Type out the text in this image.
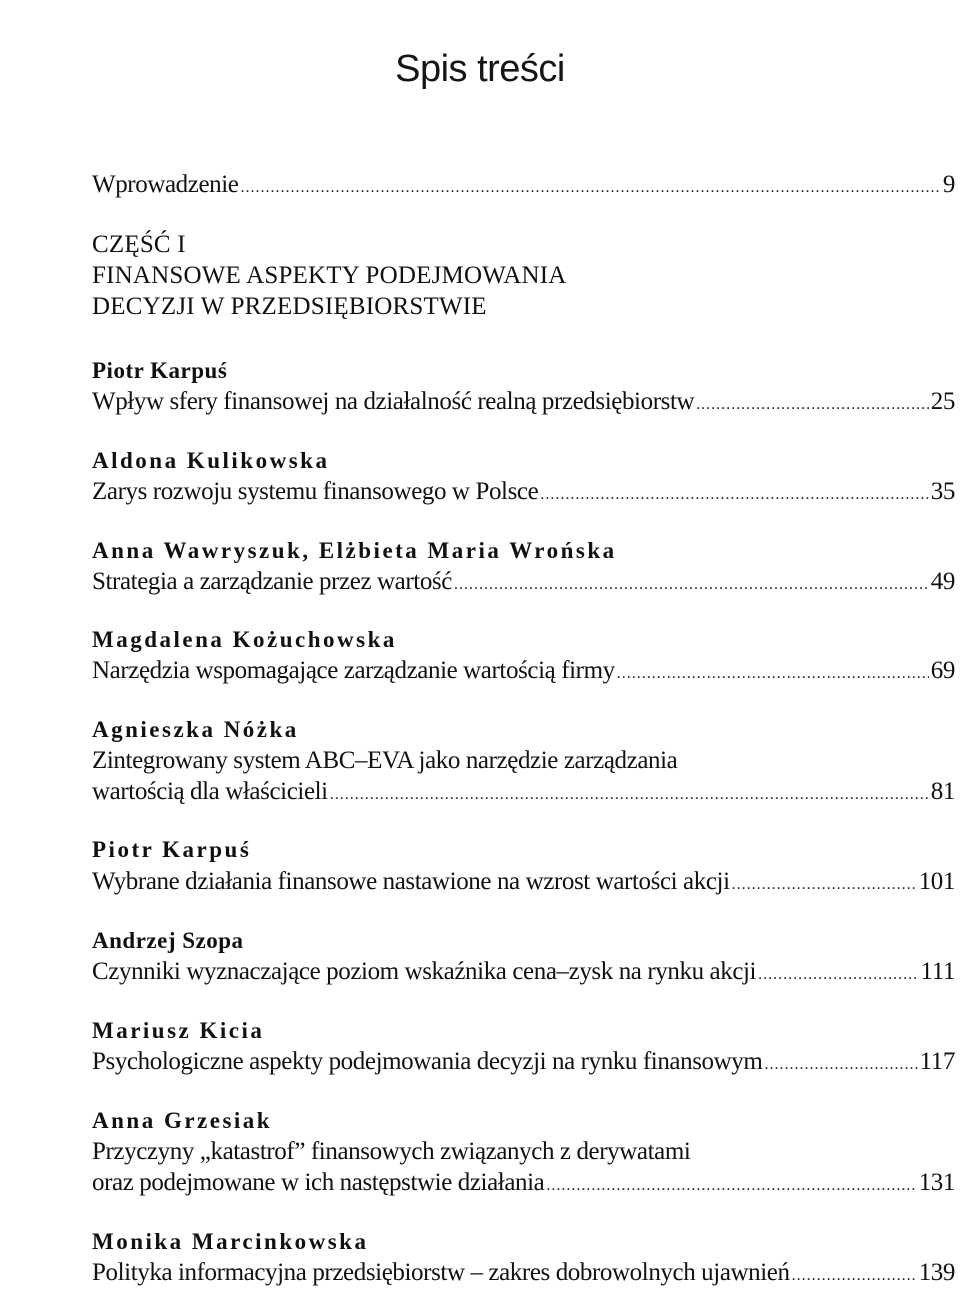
Spis treści
Wprowadzenie .....	9
CZĘŚĆ I
FINANSOWE ASPEKTY PODEJMOWANIA
DECYZJI W PRZEDSIĘBIORSTWIE
Piotr Karpuś
Wpływ sfery finansowej na działalność realną przedsiębiorstw .....	25
Aldona Kulikowska
Zarys rozwoju systemu finansowego w Polsce .....	35
Anna Wawryszuk, Elżbieta Maria Wrońska
Strategia a zarządzanie przez wartość .....	49
Magdalena Kożuchowska
Narzędzia wspomagające zarządzanie wartością firmy .....	69
Agnieszka Nóżka
Zintegrowany system ABC–EVA jako narzędzie zarządzania
wartością dla właścicieli .....	81
Piotr Karpuś
Wybrane działania finansowe nastawione na wzrost wartości akcji .....	101
Andrzej Szopa
Czynniki wyznaczające poziom wskaźnika cena–zysk na rynku akcji .....	111
Mariusz Kicia
Psychologiczne aspekty podejmowania decyzji na rynku finansowym .....	117
Anna Grzesiak
Przyczyny „katastrof” finansowych związanych z derywatami
oraz podejmowane w ich następstwie działania .....	131
Monika Marcinkowska
Polityka informacyjna przedsiębiorstw – zakres dobrowolnych ujawnień .....	139
